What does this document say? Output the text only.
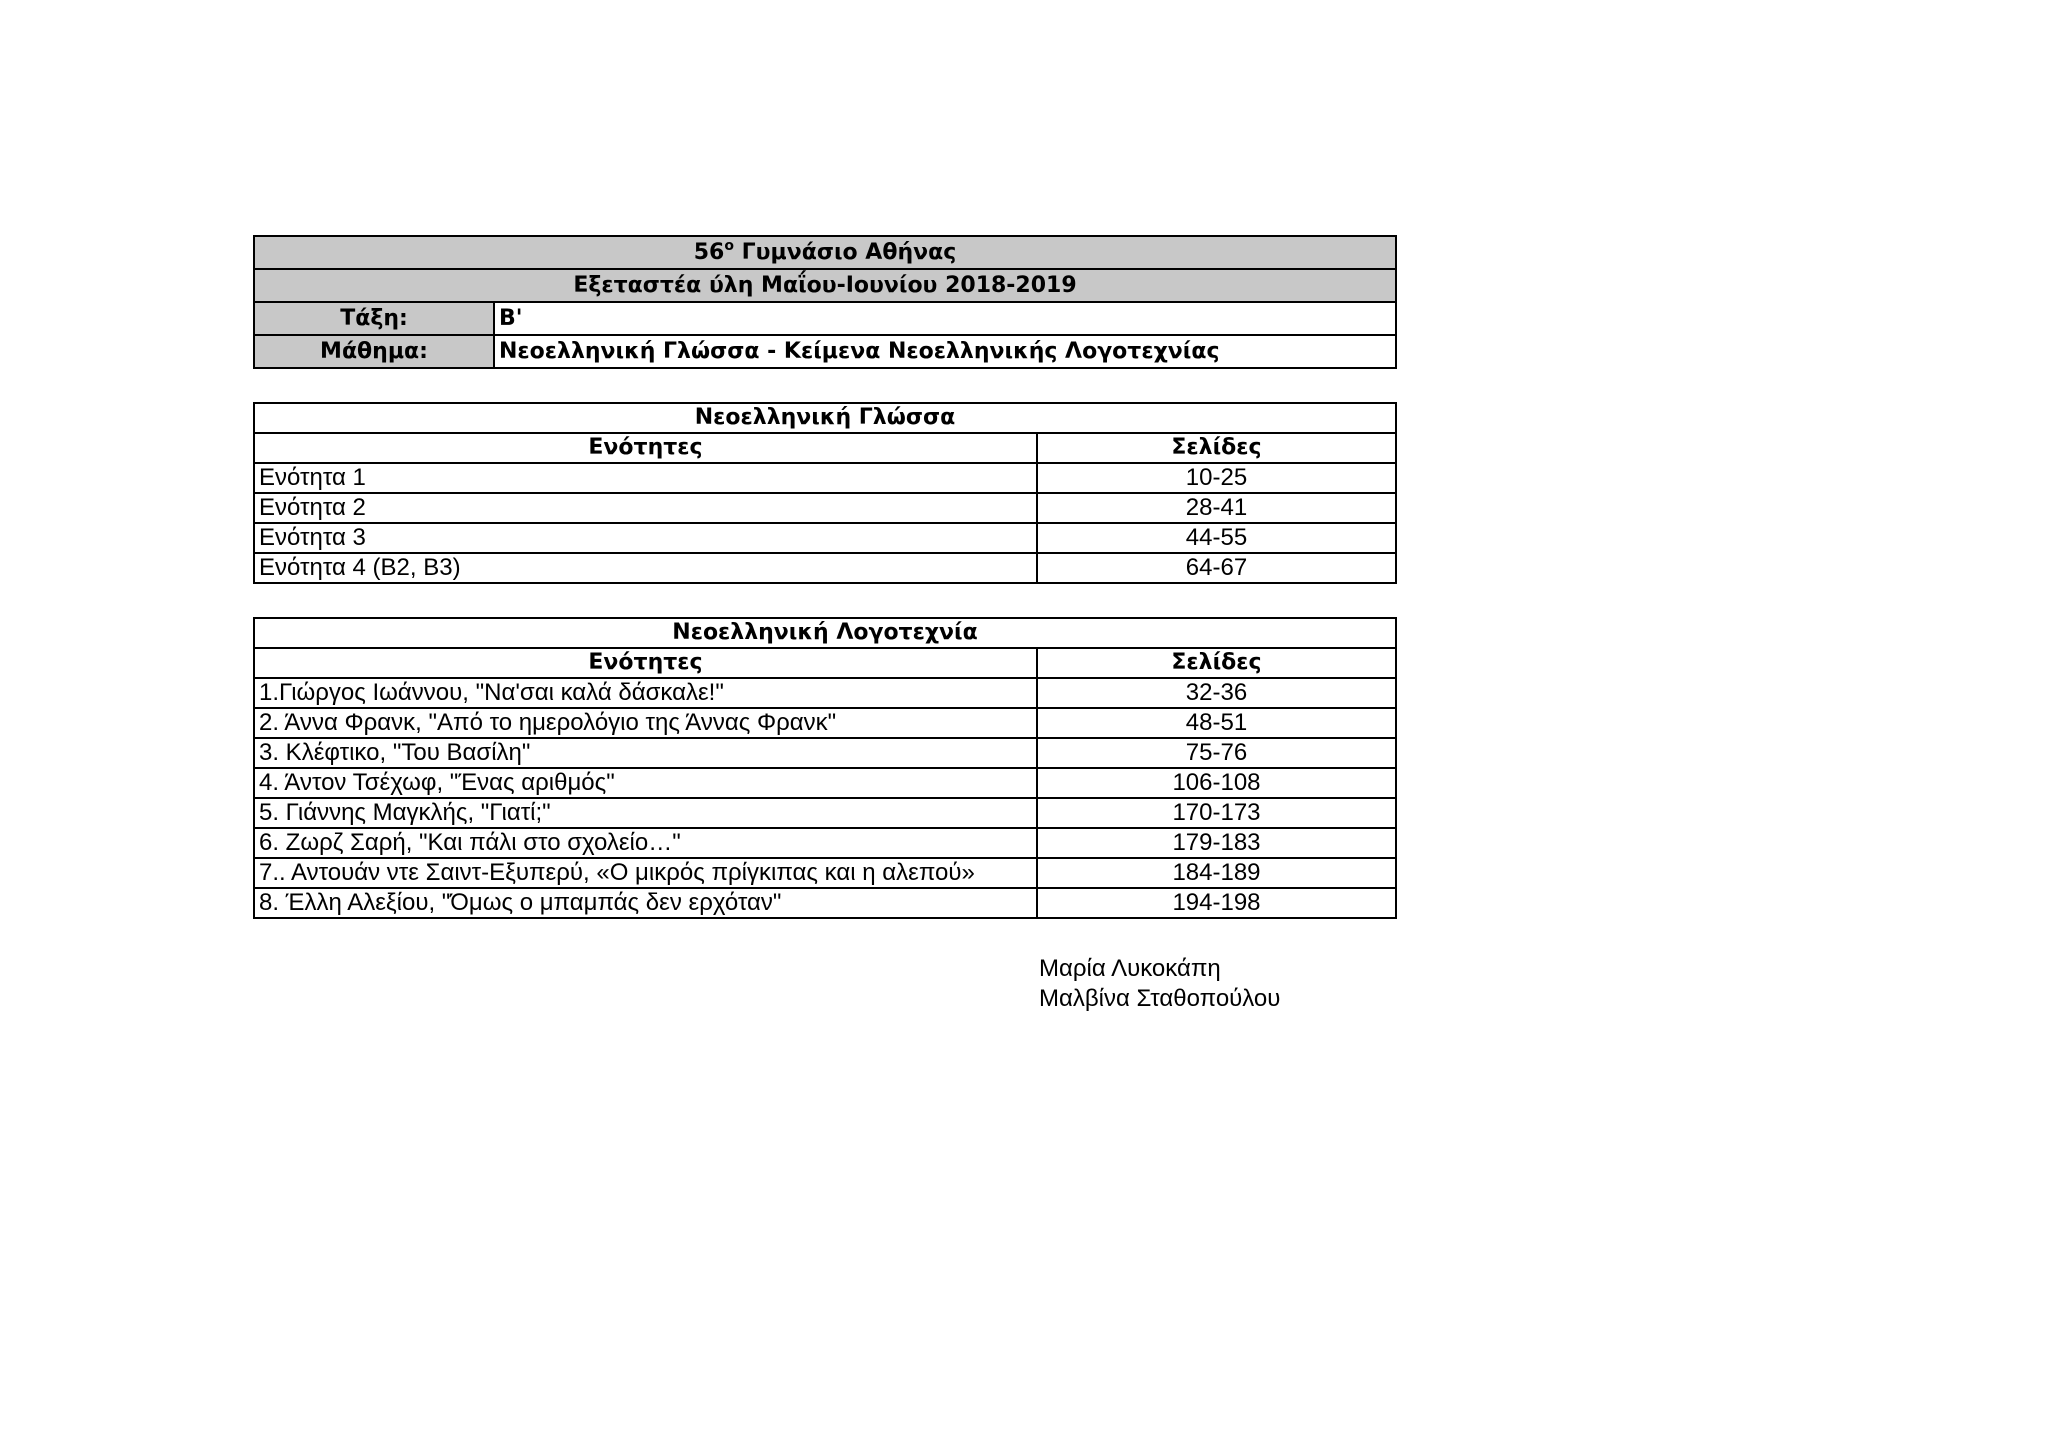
$56^o$ Γυμνάσιο Αθήνας	
Εξεταστέα ύλη Μαΐου-Ιουνίου 2018-2019	
Τάξη:	Β'
Μάθημα:	Νεοελληνική Γλώσσα - Κείμενα Νεοελληνικής Λογοτεχνίας
Νεοελληνική Γλώσσα	
Ενότητες	Σελίδες
Ενότητα 1	10-25
Ενότητα 2	28-41
Ενότητα 3	44-55
Ενότητα 4 (Β2, Β3)	64-67
Νεοελληνική Λογοτεχνία	
Ενότητες	Σελίδες
1.Γιώργος Ιωάννου, "Να'σαι καλά δάσκαλε!"	32-36
2. Άννα Φρανκ, "Από το ημερολόγιο της Άννας Φρανκ"	48-51
3. Κλέφτικο, "Του Βασίλη"	75-76
4. Άντον Τσέχωφ, "Ένας αριθμός"	106-108
5. Γιάννης Μαγκλής, "Γιατί;"	170-173
6. Ζωρζ Σαρή, "Και πάλι στο σχολείο…"	179-183
7.. Αντουάν ντε Σαιντ-Εξυπερύ, «Ο μικρός πρίγκιπας και η αλεπού»	184-189
8. Έλλη Αλεξίου, "Όμως ο μπαμπάς δεν ερχόταν"	194-198
Μαρία Λυκοκάπη
Μαλβίνα Σταθοπούλου
